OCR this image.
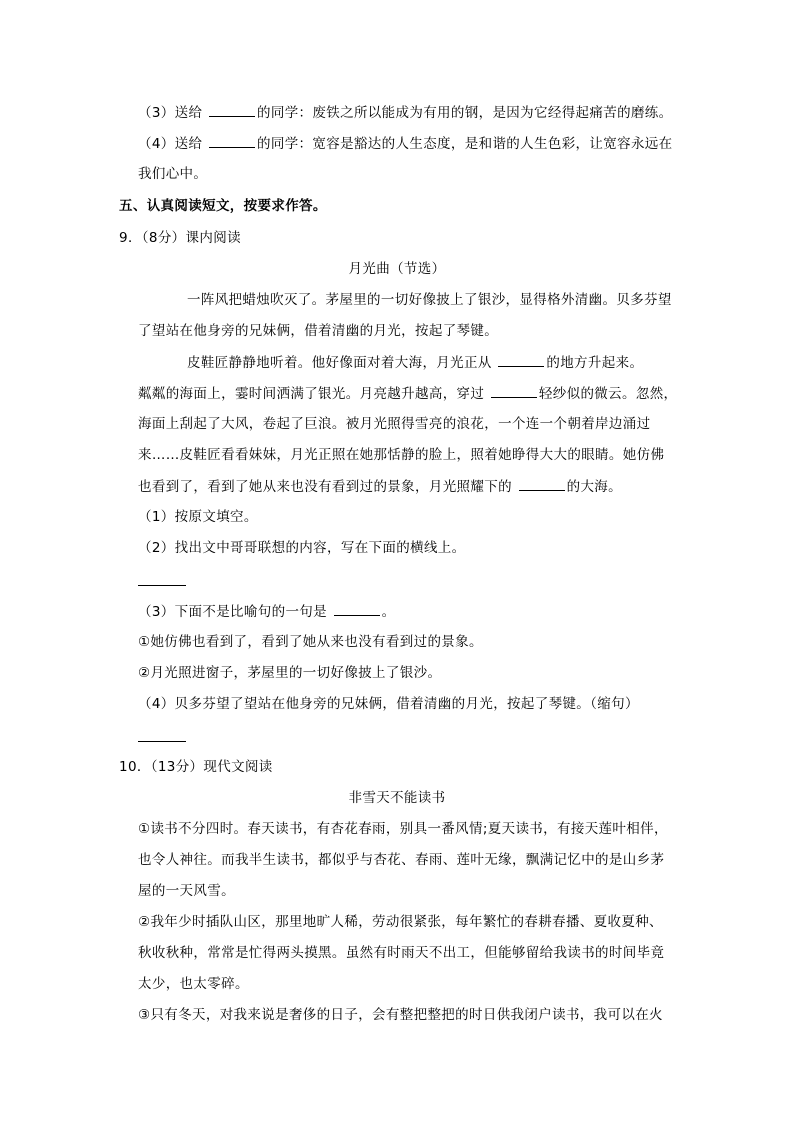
（3）送给	的同学：废铁之所以能成为有用的钢，是因为它经得起痛苦的磨练。
（4）送给	的同学：宽容是豁达的人生态度，是和谐的人生色彩，让宽容永远在
我们心中。
五、认真阅读短文，按要求作答。
9．（8分）课内阅读
月光曲（节选）
一阵风把蜡烛吹灭了。茅屋里的一切好像披上了银沙，显得格外清幽。贝多芬望
了望站在他身旁的兄妹俩，借着清幽的月光，按起了琴键。
皮鞋匠静静地听着。他好像面对着大海，月光正从	的地方升起来。
粼粼的海面上，霎时间洒满了银光。月亮越升越高，穿过	轻纱似的微云。忽然，
海面上刮起了大风，卷起了巨浪。被月光照得雪亮的浪花，一个连一个朝着岸边涌过
来……皮鞋匠看看妹妹，月光正照在她那恬静的脸上，照着她睁得大大的眼睛。她仿佛
也看到了，看到了她从来也没有看到过的景象，月光照耀下的	的大海。
（1）按原文填空。
（2）找出文中哥哥联想的内容，写在下面的横线上。
（3）下面不是比喻句的一句是	。
①她仿佛也看到了，看到了她从来也没有看到过的景象。
②月光照进窗子，茅屋里的一切好像披上了银沙。
（4）贝多芬望了望站在他身旁的兄妹俩，借着清幽的月光，按起了琴键。（缩句）
10．（13分）现代文阅读
非雪天不能读书
①读书不分四时。春天读书，有杏花春雨，别具一番风情;夏天读书，有接天莲叶相伴，
也令人神往。而我半生读书，都似乎与杏花、春雨、莲叶无缘，飘满记忆中的是山乡茅
屋的一天风雪。
②我年少时插队山区，那里地旷人稀，劳动很紧张，每年繁忙的春耕春播、夏收夏种、
秋收秋种，常常是忙得两头摸黑。虽然有时雨天不出工，但能够留给我读书的时间毕竟
太少，也太零碎。
③只有冬天，对我来说是奢侈的日子，会有整把整把的时日供我闭户读书，我可以在火
